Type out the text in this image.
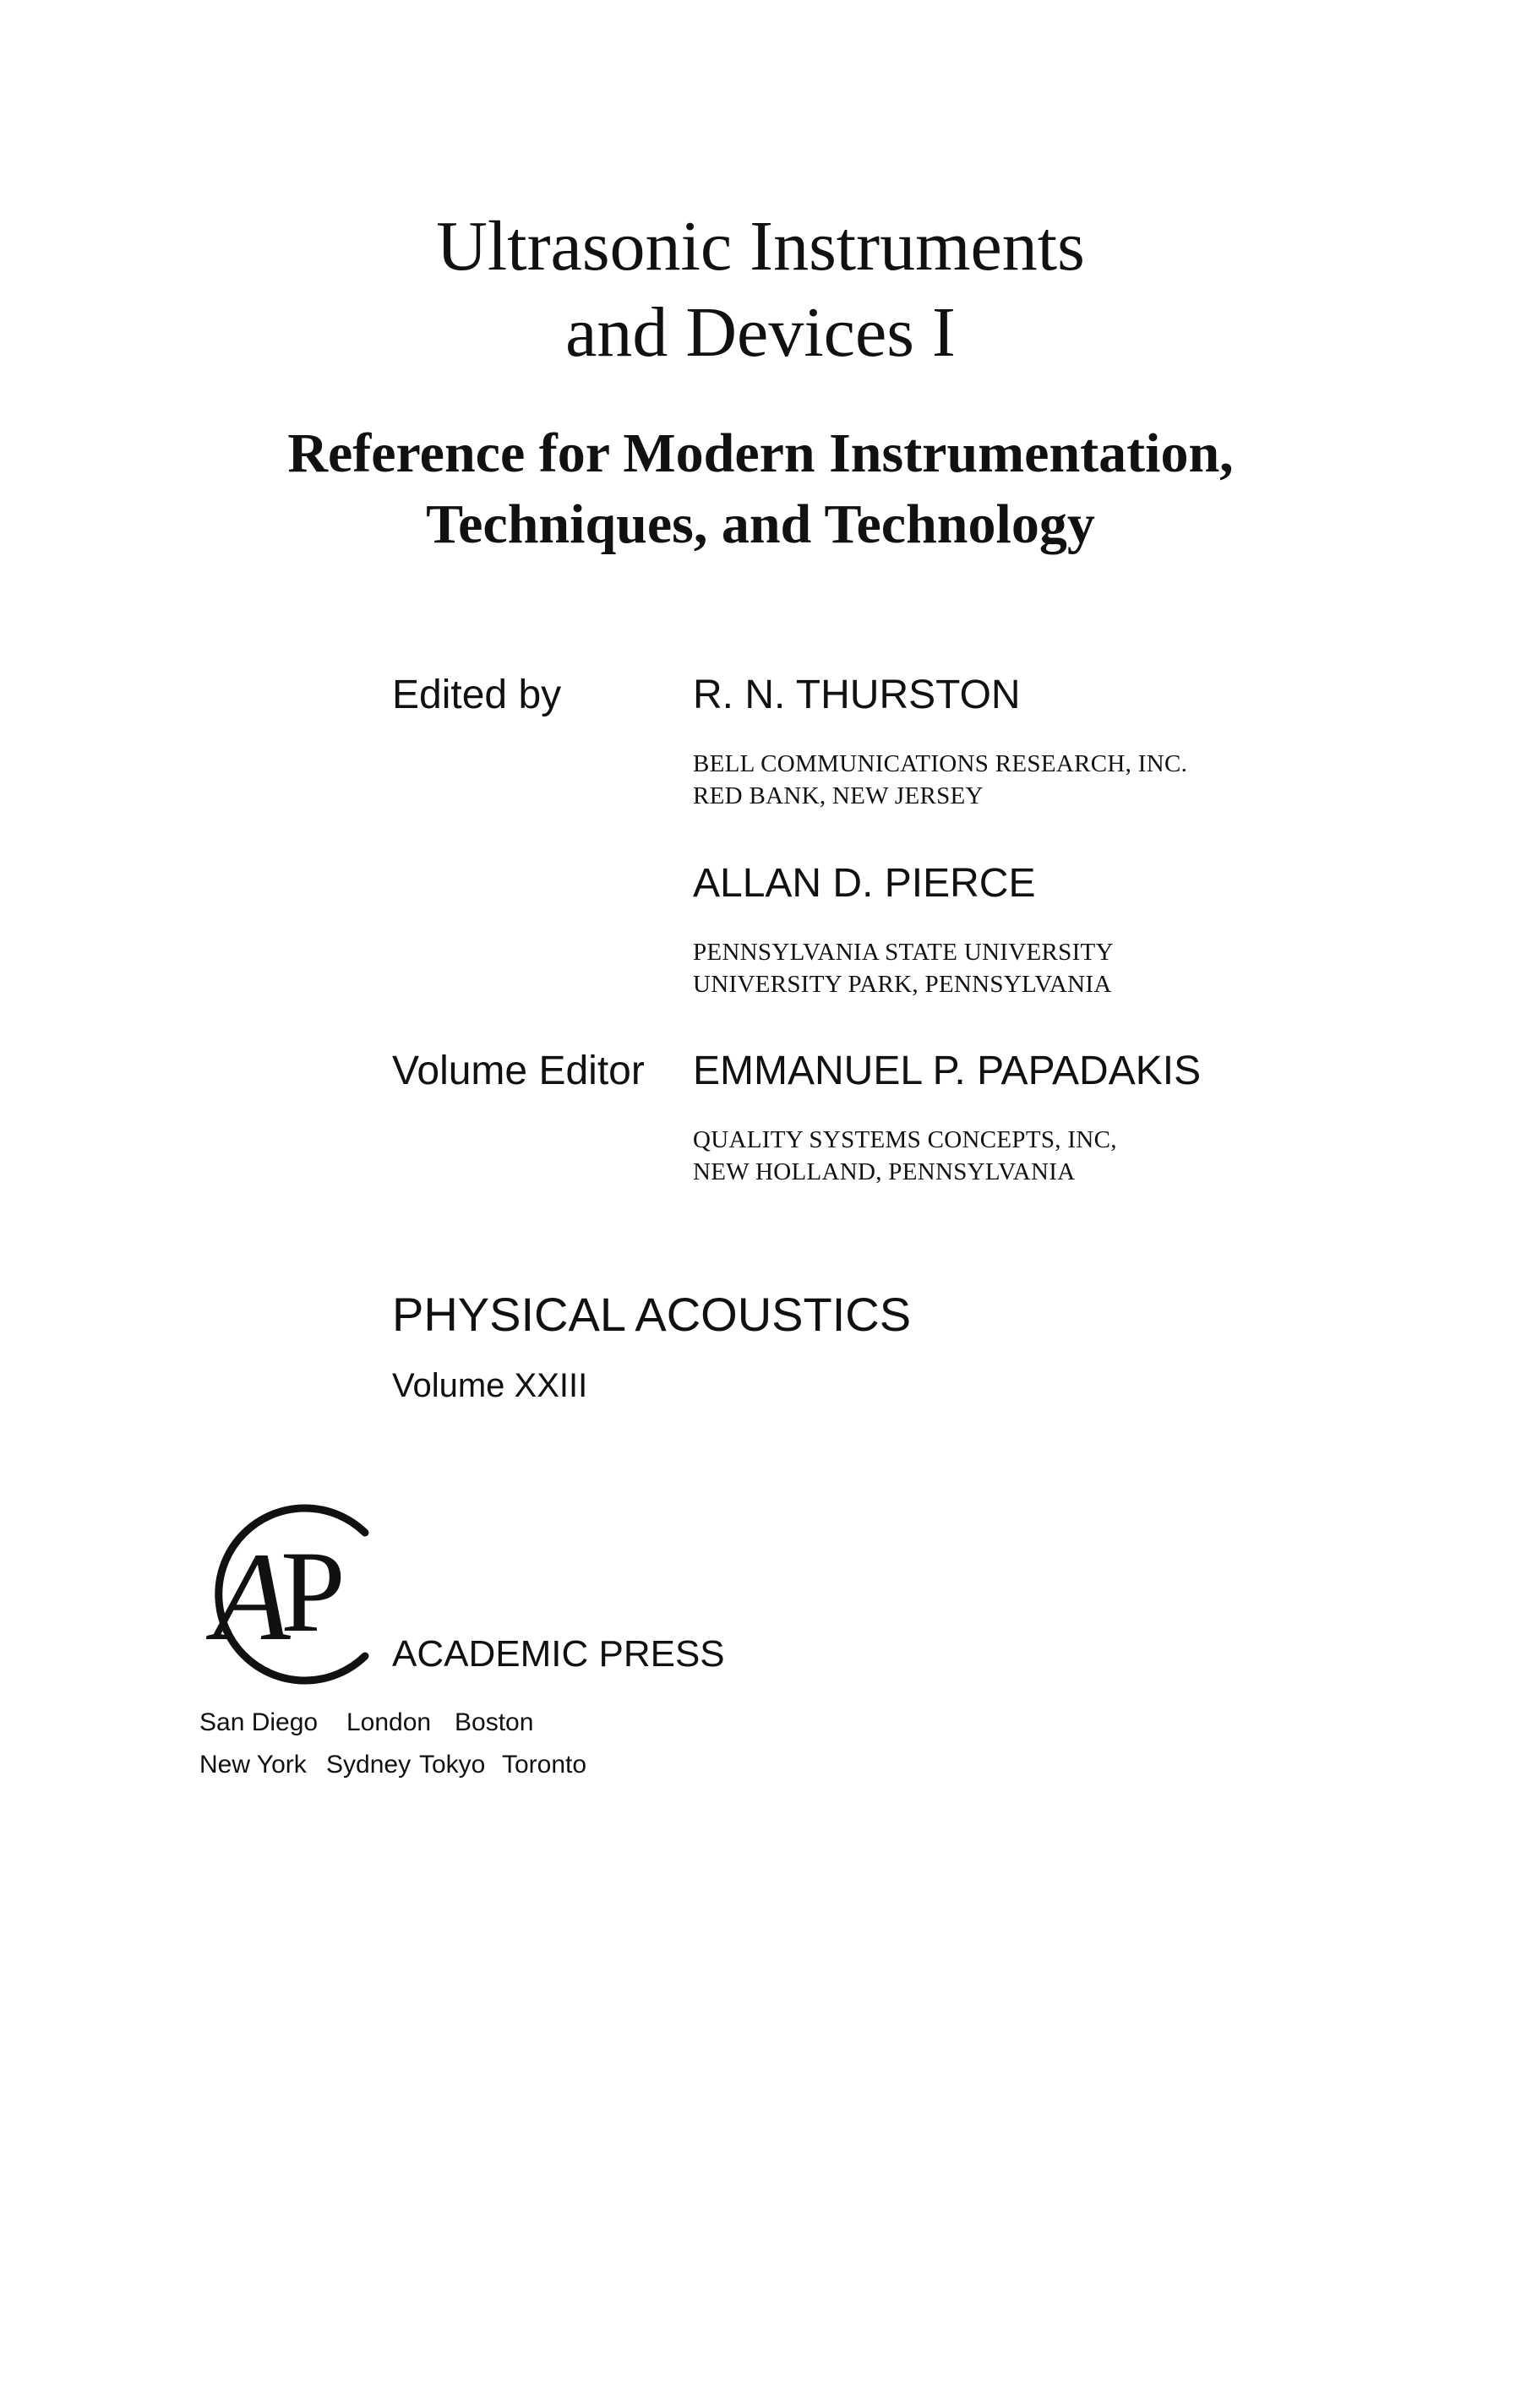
Ultrasonic Instruments
and Devices I
Reference for Modern Instrumentation,
Techniques, and Technology
Edited by	R. N. THURSTON
BELL COMMUNICATIONS RESEARCH, INC.
RED BANK, NEW JERSEY
ALLAN D. PIERCE
PENNSYLVANIA STATE UNIVERSITY
UNIVERSITY PARK, PENNSYLVANIA
Volume Editor EMMANUEL P. PAPADAKIS
QUALITY SYSTEMS CONCEPTS, INC,
NEW HOLLAND, PENNSYLVANIA
PHYSICAL ACOUSTICS
Volume XXIII
A
P ACADEMIC PRESS
San Diego London Boston
New York Sydney Tokyo Toronto
